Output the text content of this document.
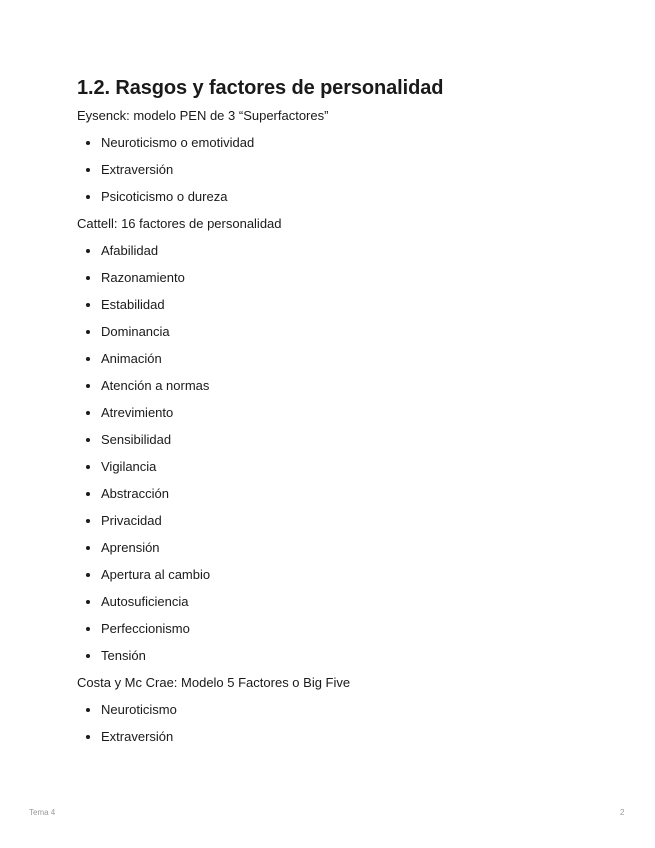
1.2. Rasgos y factores de personalidad
Eysenck: modelo PEN de 3 “Superfactores”
Neuroticismo o emotividad
Extraversión
Psicoticismo o dureza
Cattell: 16 factores de personalidad
Afabilidad
Razonamiento
Estabilidad
Dominancia
Animación
Atención a normas
Atrevimiento
Sensibilidad
Vigilancia
Abstracción
Privacidad
Aprensión
Apertura al cambio
Autosuficiencia
Perfeccionismo
Tensión
Costa y Mc Crae: Modelo 5 Factores o Big Five
Neuroticismo
Extraversión
Tema 4	2
